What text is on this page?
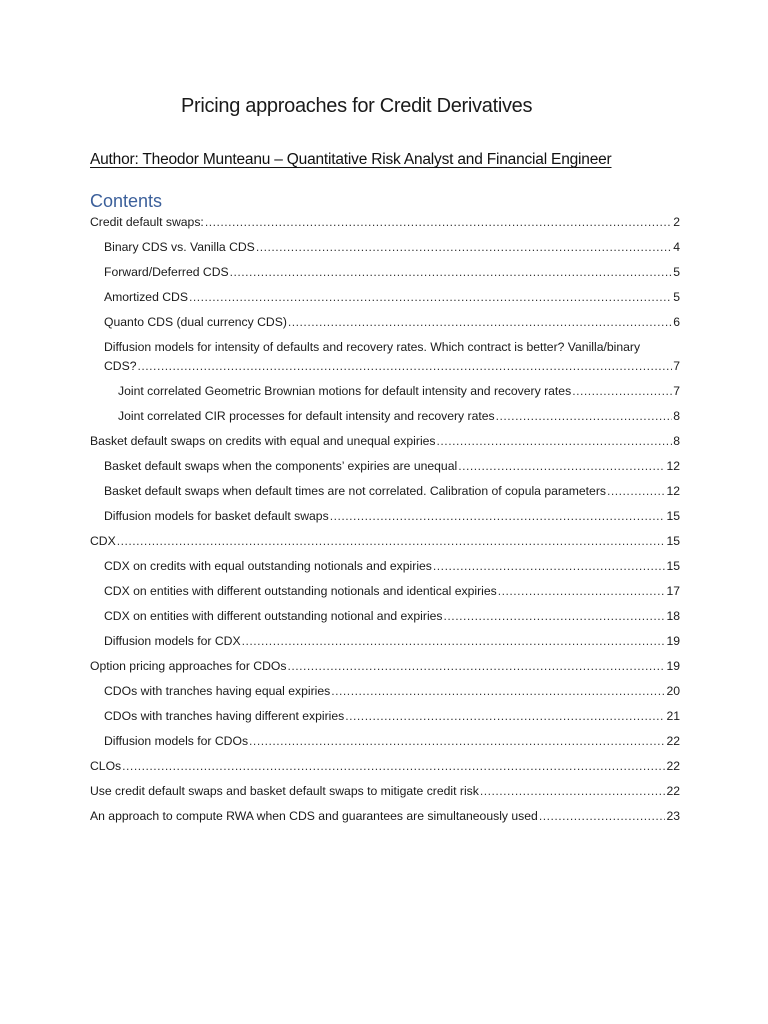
Pricing approaches for Credit Derivatives
Author: Theodor Munteanu – Quantitative Risk Analyst and Financial Engineer
Contents
Credit default swaps: .....	2
Binary CDS vs. Vanilla CDS .....	4
Forward/Deferred CDS .....	5
Amortized CDS .....	5
Quanto CDS (dual currency CDS) .....	6
Diffusion models for intensity of defaults and recovery rates. Which contract is better? Vanilla/binary
CDS? .....	7
Joint correlated Geometric Brownian motions for default intensity and recovery rates .....	7
Joint correlated CIR processes for default intensity and recovery rates .....	8
Basket default swaps on credits with equal and unequal expiries .....	8
Basket default swaps when the components’ expiries are unequal .....	12
Basket default swaps when default times are not correlated. Calibration of copula parameters .....	12
Diffusion models for basket default swaps .....	15
CDX .....	15
CDX on credits with equal outstanding notionals and expiries .....	15
CDX on entities with different outstanding notionals and identical expiries .....	17
CDX on entities with different outstanding notional and expiries .....	18
Diffusion models for CDX .....	19
Option pricing approaches for CDOs .....	19
CDOs with tranches having equal expiries .....	20
CDOs with tranches having different expiries .....	21
Diffusion models for CDOs .....	22
CLOs .....	22
Use credit default swaps and basket default swaps to mitigate credit risk .....	22
An approach to compute RWA when CDS and guarantees are simultaneously used .....	23
